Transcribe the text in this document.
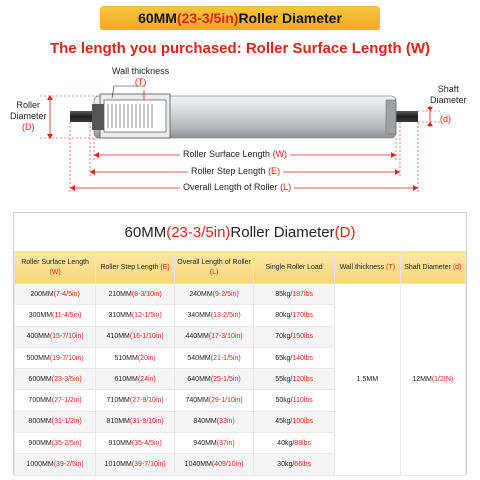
60MM (23-3/5in) Roller Diameter
The length you purchased: Roller Surface Length (W)
Wall thickness
(T)
Roller
Diameter
(D)
Shaft
Diameter
(d)
Roller Surface Length (W)
Roller Step Length (E)
Overall Length of Roller (L)
60MM (23-3/5in) Roller Diameter (D)
Roller Surface Length (W)	Roller Step Length (E)	Overall Length of Roller (L)	Single Roller Load	Wall thickness (T)	Shaft Diameter (d)
200MM(7-4/5in)	210MM(8-3/10in)	240MM(9-2/5in)	85kg/187lbs	1.5MM	12MM(1/2IN)
300MM(11-4/5in)	310MM(12-1/5in)	340MM(13-2/5in)	80kg/170lbs		
400MM(15-7/10in)	410MM(16-1/10in)	440MM(17-3/10in)	70kg/150lbs		
500MM(19-7/10in)	510MM(20in)	540MM(21-1/5in)	65kg/140lbs		
600MM(23-3/5in)	610MM(24in)	640MM(25-1/5in)	55kg/120lbs		
700MM(27-1/2in)	710MM(27-9/10in)	740MM(29-1/10in)	50kg/110lbs		
800MM(31-1/2in)	810MM(31-9/10in)	840MM(33in)	45kg/100lbs		
900MM(35-2/5in)	910MM(35-4/5in)	940MM(37in)	40kg/88lbs		
1000MM(39-2/5in)	1010MM(39-7/10in)	1040MM(409/10in)	30kg/66lbs		
